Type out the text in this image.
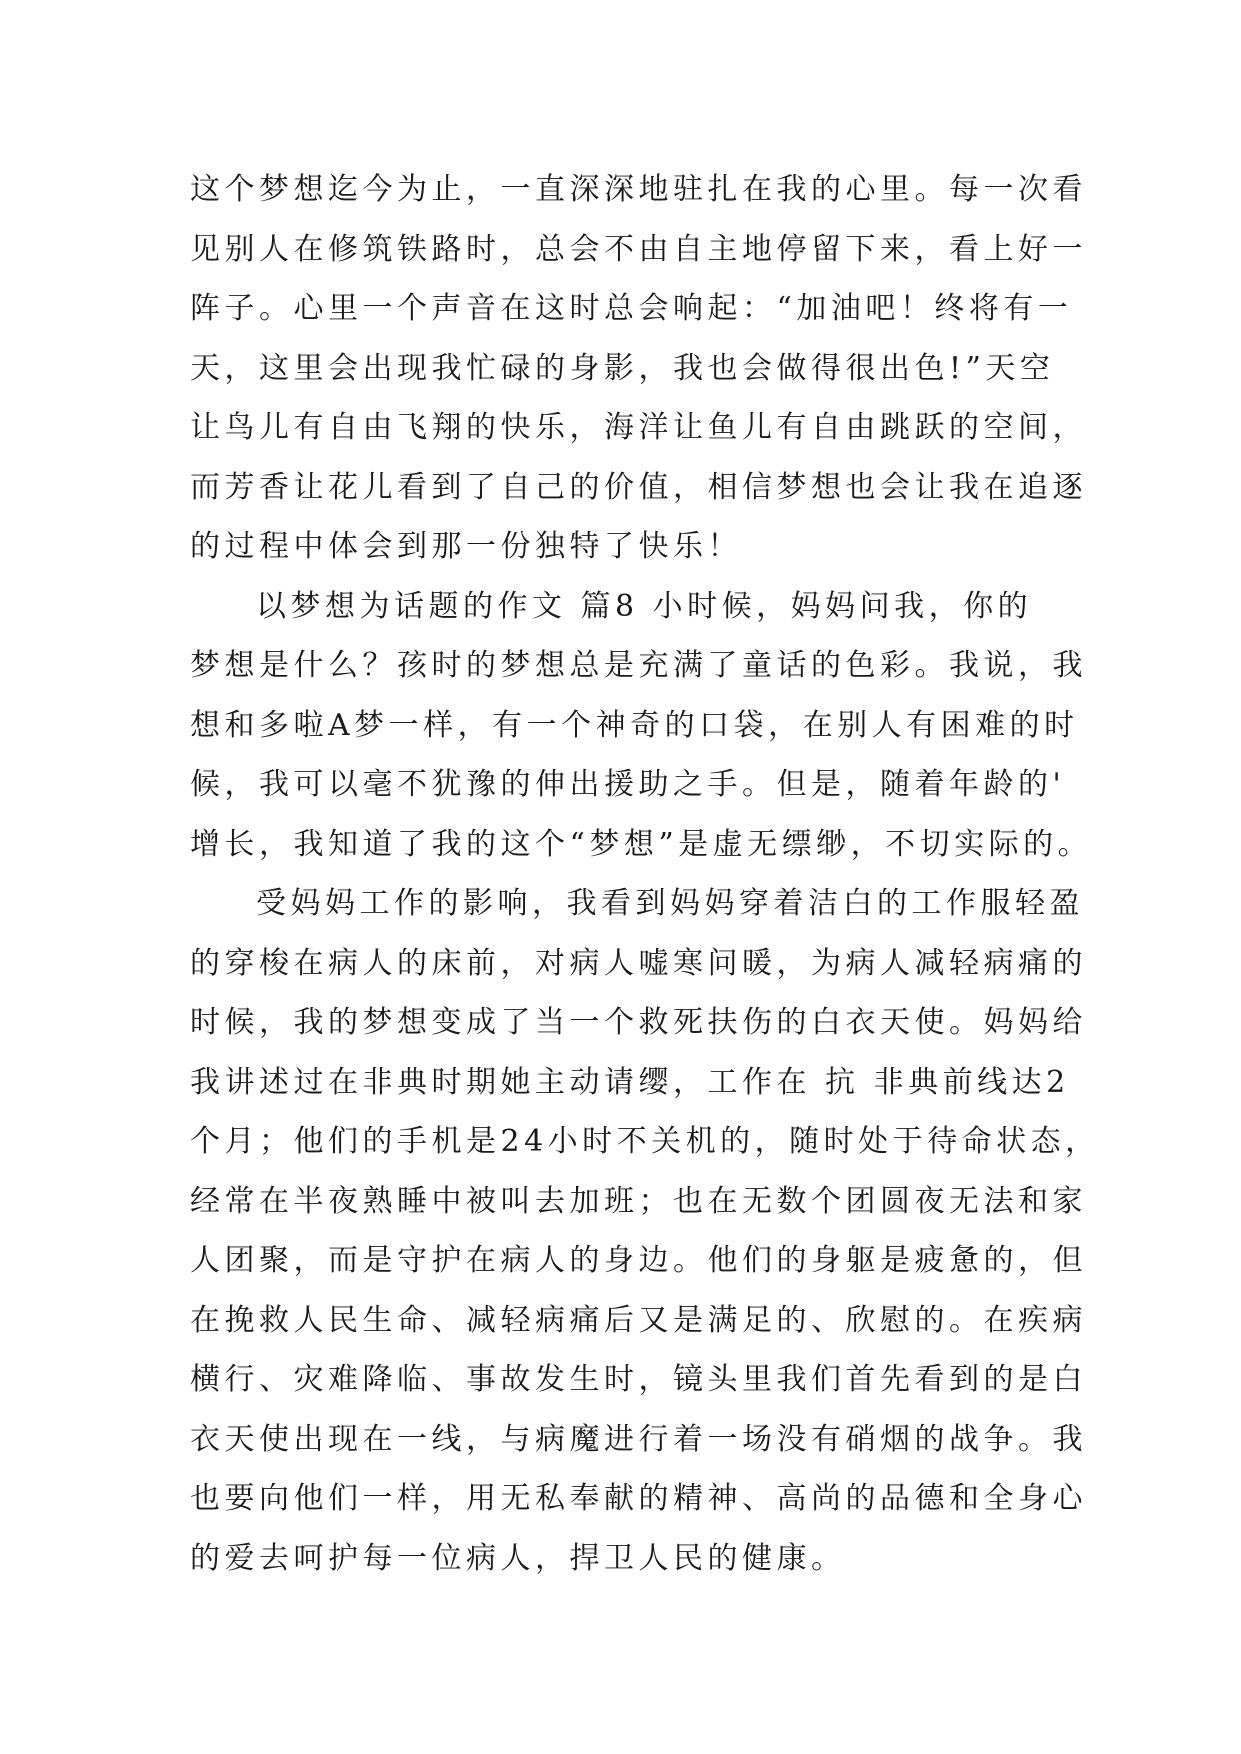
这个梦想迄今为止，一直深深地驻扎在我的心里。每一次看
见别人在修筑铁路时，总会不由自主地停留下来，看上好一
阵子。心里一个声音在这时总会响起：“加油吧！终将有一
天，这里会出现我忙碌的身影，我也会做得很出色!”天空
让鸟儿有自由飞翔的快乐，海洋让鱼儿有自由跳跃的空间，
而芳香让花儿看到了自己的价值，相信梦想也会让我在追逐
的过程中体会到那一份独特了快乐！
以梦想为话题的作文 篇8 小时候，妈妈问我，你的
梦想是什么？孩时的梦想总是充满了童话的色彩。我说，我
想和多啦A梦一样，有一个神奇的口袋，在别人有困难的时
候，我可以毫不犹豫的伸出援助之手。但是，随着年龄的'
增长，我知道了我的这个“梦想”是虚无缥缈，不切实际的。
受妈妈工作的影响，我看到妈妈穿着洁白的工作服轻盈
的穿梭在病人的床前，对病人嘘寒问暖，为病人减轻病痛的
时候，我的梦想变成了当一个救死扶伤的白衣天使。妈妈给
我讲述过在非典时期她主动请缨，工作在 抗 非典前线达2
个月；他们的手机是24小时不关机的，随时处于待命状态，
经常在半夜熟睡中被叫去加班；也在无数个团圆夜无法和家
人团聚，而是守护在病人的身边。他们的身躯是疲惫的，但
在挽救人民生命、减轻病痛后又是满足的、欣慰的。在疾病
横行、灾难降临、事故发生时，镜头里我们首先看到的是白
衣天使出现在一线，与病魔进行着一场没有硝烟的战争。我
也要向他们一样，用无私奉献的精神、高尚的品德和全身心
的爱去呵护每一位病人，捍卫人民的健康。
